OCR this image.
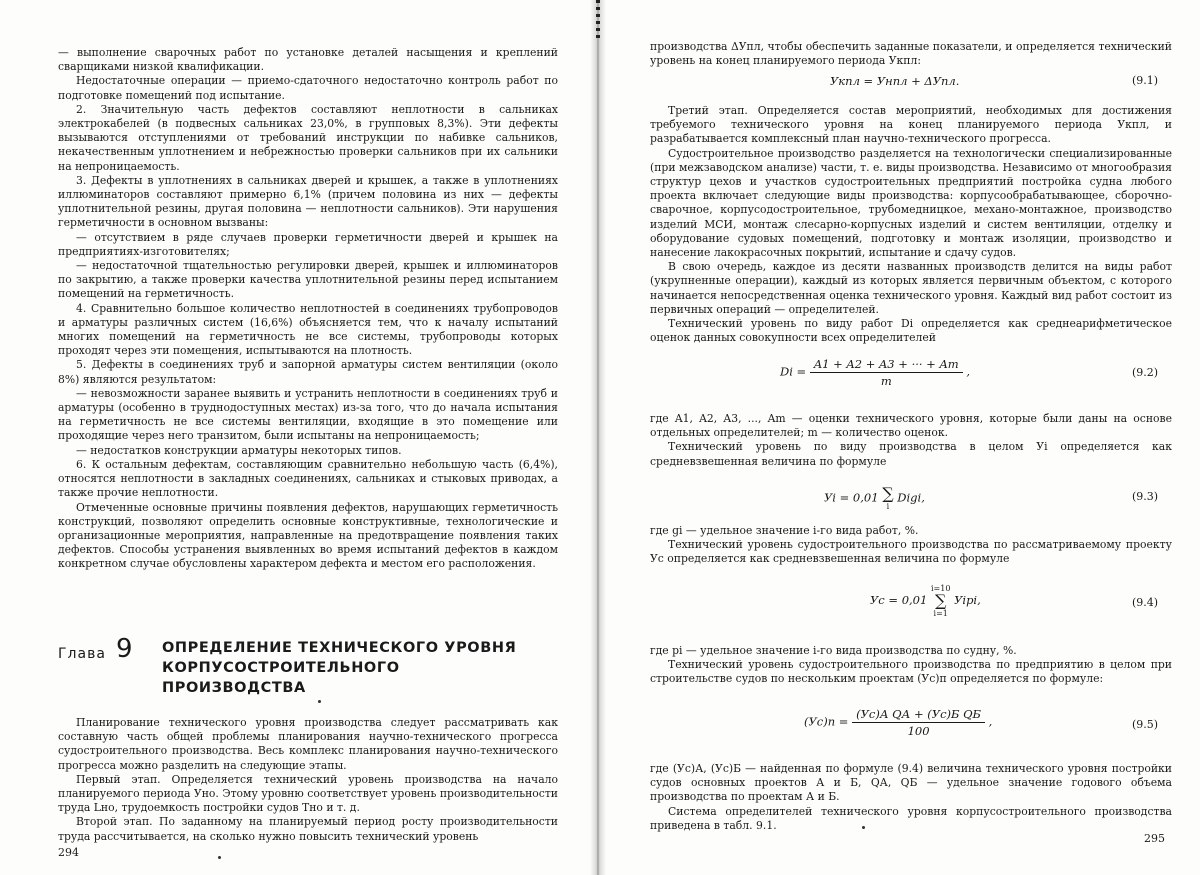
— выполнение сварочных работ по установке деталей насыщения и креплений сварщиками низкой квалификации.

Недостаточные операции — приемо-сдаточного недостаточно контроль работ по подготовке помещений под испытание.

2. Значительную часть дефектов составляют неплотности в сальниках электрокабелей (в подвесных сальниках 23,0%, в групповых 8,3%). Эти дефекты вызываются отступлениями от требований инструкции по набивке сальников, некачественным уплотнением и небрежностью проверки сальников при их сальники на непроницаемость.

3. Дефекты в уплотнениях в сальниках дверей и крышек, а также в уплотнениях иллюминаторов составляют примерно 6,1% (причем половина из них — дефекты уплотнительной резины, другая половина — неплотности сальников). Эти нарушения герметичности в основном вызваны:

— отсутствием в ряде случаев проверки герметичности дверей и крышек на предприятиях-изготовителях;

— недостаточной тщательностью регулировки дверей, крышек и иллюминаторов по закрытию, а также проверки качества уплотнительной резины перед испытанием помещений на герметичность.

4. Сравнительно большое количество неплотностей в соединениях трубопроводов и арматуры различных систем (16,6%) объясняется тем, что к началу испытаний многих помещений на герметичность не все системы, трубопроводы которых проходят через эти помещения, испытываются на плотность.

5. Дефекты в соединениях труб и запорной арматуры систем вентиляции (около 8%) являются результатом:

— невозможности заранее выявить и устранить неплотности в соединениях труб и арматуры (особенно в труднодоступных местах) из-за того, что до начала испытания на герметичность не все системы вентиляции, входящие в это помещение или проходящие через него транзитом, были испытаны на непроницаемость;

— недостатков конструкции арматуры некоторых типов.

6. К остальным дефектам, составляющим сравнительно небольшую часть (6,4%), относятся неплотности в закладных соединениях, сальниках и стыковых приводах, а также прочие неплотности.

Отмеченные основные причины появления дефектов, нарушающих герметичность конструкций, позволяют определить основные конструктивные, технологические и организационные мероприятия, направленные на предотвращение появления таких дефектов. Способы устранения выявленных во время испытаний дефектов в каждом конкретном случае обусловлены характером дефекта и местом его расположения.

Глава 9 ОПРЕДЕЛЕНИЕ ТЕХНИЧЕСКОГО УРОВНЯ КОРПУСОСТРОИТЕЛЬНОГО ПРОИЗВОДСТВА

Планирование технического уровня производства следует рассматривать как составную часть общей проблемы планирования научно-технического прогресса судостроительного производства. Весь комплекс планирования научно-технического прогресса можно разделить на следующие этапы.

Первый этап. Определяется технический уровень производства на начало планируемого периода Уно. Этому уровню соответствует уровень производительности труда Lно, трудоемкость постройки судов Тно и т. д.

Второй этап. По заданному на планируемый период росту производительности труда рассчитывается, на сколько нужно повысить технический уровень

294

производства ΔУпл, чтобы обеспечить заданные показатели, и определяется технический уровень на конец планируемого периода Укпл:

Укпл = Унпл + ΔУпл.	(9.1)

Третий этап. Определяется состав мероприятий, необходимых для достижения требуемого технического уровня на конец планируемого периода Укпл, и разрабатывается комплексный план научно-технического прогресса.

Судостроительное производство разделяется на технологически специализированные (при межзаводском анализе) части, т. е. виды производства. Независимо от многообразия структур цехов и участков судостроительных предприятий постройка судна любого проекта включает следующие виды производства: корпусообрабатывающее, сборочно-сварочное, корпусодостроительное, трубомедницкое, механо-монтажное, производство изделий МСИ, монтаж слесарно-корпусных изделий и систем вентиляции, отделку и оборудование судовых помещений, подготовку и монтаж изоляции, производство и нанесение лакокрасочных покрытий, испытание и сдачу судов.

В свою очередь, каждое из десяти названных производств делится на виды работ (укрупненные операции), каждый из которых является первичным объектом, с которого начинается непосредственная оценка технического уровня. Каждый вид работ состоит из первичных операций — определителей.

Технический уровень по виду работ Di определяется как среднеарифметическое оценок данных совокупности всех определителей

$Di = \frac{A1 + A2 + A3 + \cdot\cdot\cdot + Am}{m}$ ,	(9.2)

где A1, A2, A3, ..., Am — оценки технического уровня, которые были даны на основе отдельных определителей; m — количество оценок.

Технический уровень по виду производства в целом Уi определяется как средневзвешенная величина по формуле

Уi = 0,01 ∑
i
Digi,	(9.3)

где gi — удельное значение i-го вида работ, %.

Технический уровень судостроительного производства по рассматриваемому проекту Ус определяется как средневзвешенная величина по формуле

Ус = 0,01
i=10
∑
i=1
Уipi,	(9.4)

где pi — удельное значение i-го вида производства по судну, %.

Технический уровень судостроительного производства по предприятию в целом при строительстве судов по нескольким проектам (Ус)п определяется по формуле:

$(Ус)п = \frac{\text{(Ус)А QА + (Ус)Б QБ}}{100}$ ,	(9.5)

где (Ус)А, (Ус)Б — найденная по формуле (9.4) величина технического уровня постройки судов основных проектов А и Б, QА, QБ — удельное значение годового объема производства по проектам А и Б.

Система определителей технического уровня корпусостроительного производства приведена в табл. 9.1.

295
